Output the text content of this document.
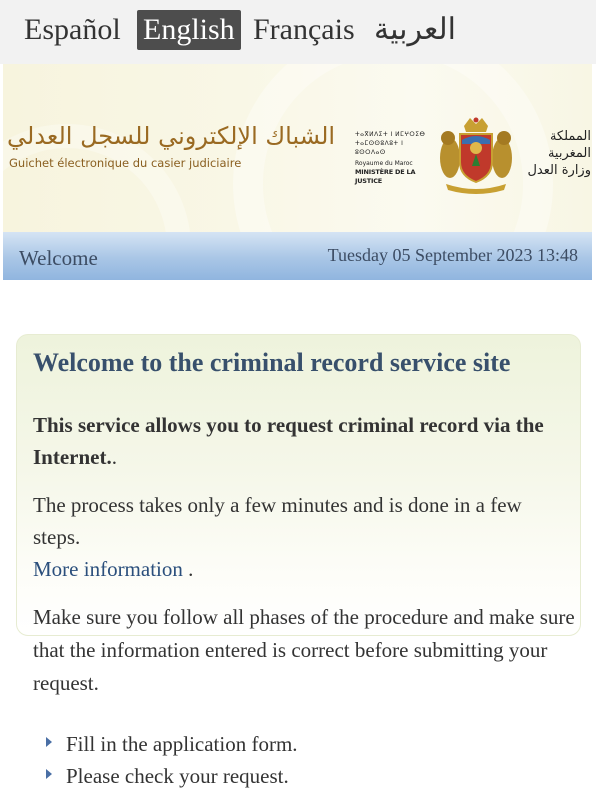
Español English Français العربية
الشباك الإلكتروني للسجل العدلي
Guichet électronique du casier judiciaire
ⵜⴰⴳⵍⴷⵉⵜ ⵏ ⵍⵎⵖⵔⵉⴱ
ⵜⴰⵎⵙⵙⵓⴷⵓⵜ ⵏ ⵓⵙⵔⴷⴰⵙ
Royaume du Maroc
MINISTÈRE DE LA JUSTICE
المملكة المغربية
وزارة العدل
Welcome	Tuesday 05 September 2023 13:48
Welcome to the criminal record service site
This service allows you to request criminal record via the Internet..
The process takes only a few minutes and is done in a few steps.
More information .
Make sure you follow all phases of the procedure and make sure that the information entered is correct before submitting your request.
Fill in the application form.
Please check your request.
